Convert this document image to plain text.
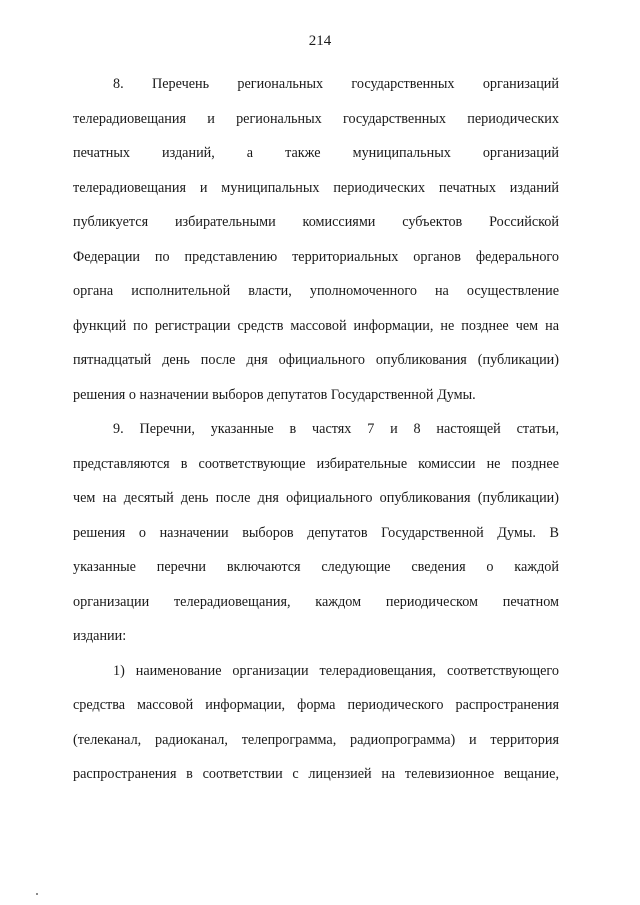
214

8. Перечень региональных государственных организаций
телерадиовещания и региональных государственных периодических
печатных изданий, а также муниципальных организаций
телерадиовещания и муниципальных периодических печатных изданий
публикуется избирательными комиссиями субъектов Российской
Федерации по представлению территориальных органов федерального
органа исполнительной власти, уполномоченного на осуществление
функций по регистрации средств массовой информации, не позднее чем на
пятнадцатый день после дня официального опубликования (публикации)
решения о назначении выборов депутатов Государственной Думы.

9. Перечни, указанные в частях 7 и 8 настоящей статьи,
представляются в соответствующие избирательные комиссии не позднее
чем на десятый день после дня официального опубликования (публикации)
решения о назначении выборов депутатов Государственной Думы. В
указанные перечни включаются следующие сведения о каждой
организации телерадиовещания, каждом периодическом печатном
издании:

1) наименование организации телерадиовещания, соответствующего
средства массовой информации, форма периодического распространения
(телеканал, радиоканал, телепрограмма, радиопрограмма) и территория
распространения в соответствии с лицензией на телевизионное вещание,
